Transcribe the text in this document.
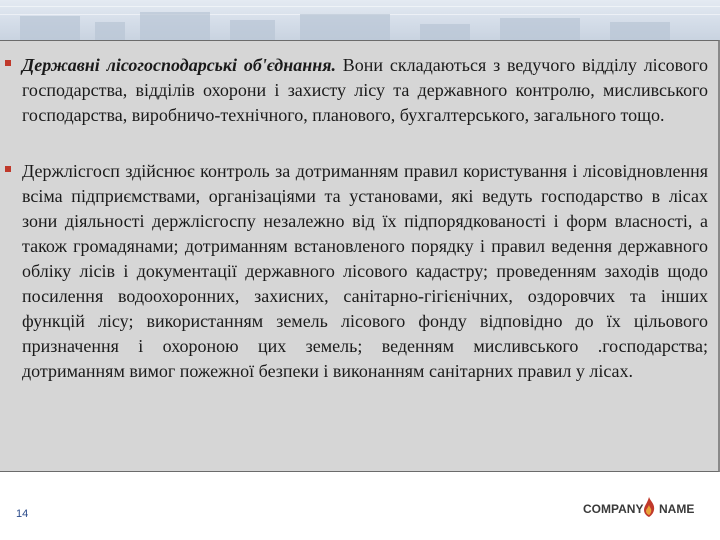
Державні лісогосподарські об'єднання. Вони складаються з ведучого відділу лісового господарства, відділів охорони і захисту лісу та державного контролю, мисливського господарства, виробничо-технічного, планового, бухгалтерського, загального тощо.

Держлісгосп здійснює контроль за дотриманням правил користування і лісовідновлення всіма підприємствами, організаціями та установами, які ведуть господарство в лісах зони діяльності держлісгоспу незалежно від їх підпорядкованості і форм власності, а також громадянами; дотриманням встановленого порядку і правил ведення державного обліку лісів і документації державного лісового кадастру; проведенням заходів щодо посилення водоохоронних, захисних, санітарно-гігієнічних, оздоровчих та інших функцій лісу; використанням земель лісового фонду відповідно до їх цільового призначення і охороною цих земель; веденням мисливського .господарства; дотриманням вимог пожежної безпеки і виконанням санітарних правил у лісах.

14	COMPANY NAME
